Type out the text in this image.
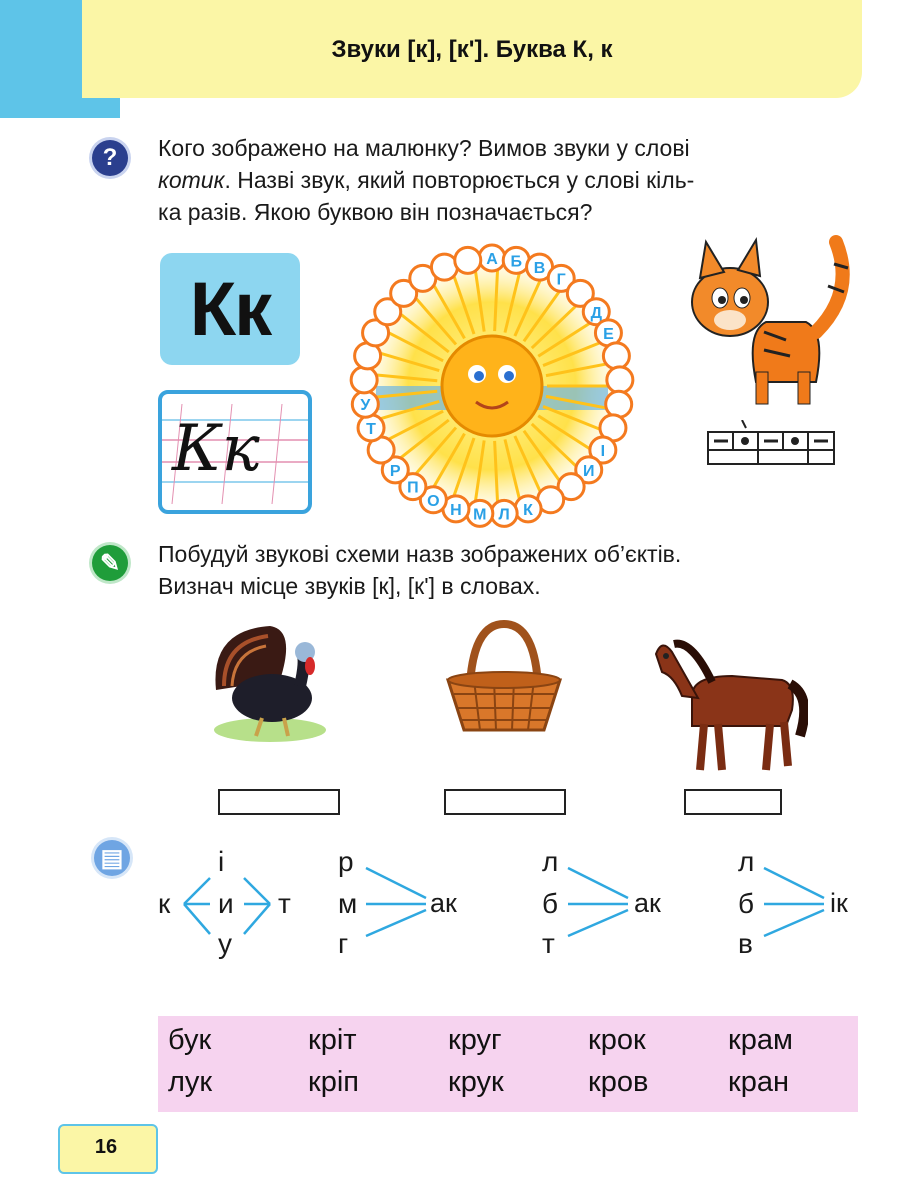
Звуки [к], [к']. Буква К, к
?	Кого зображено на малюнку? Вимов звуки у слові
котик. Назві звук, який повторюється у слові кіль-
ка разів. Якою буквою він позначається?
Кк
Кк
А Б В
Г
Д
Е
І
И
К
Л
М
Н
О
П
Р
Т
У
✎	Побудуй звукові схеми назв зображених об’єктів.
Визнач місце звуків [к], [к'] в словах.
▤
к
і
и
у
т
р
м
г
ак
л
б
т
ак
л
б
в
ік
бук	кріт	круг	крок	крам
лук	кріп	крук	кров	кран
16
